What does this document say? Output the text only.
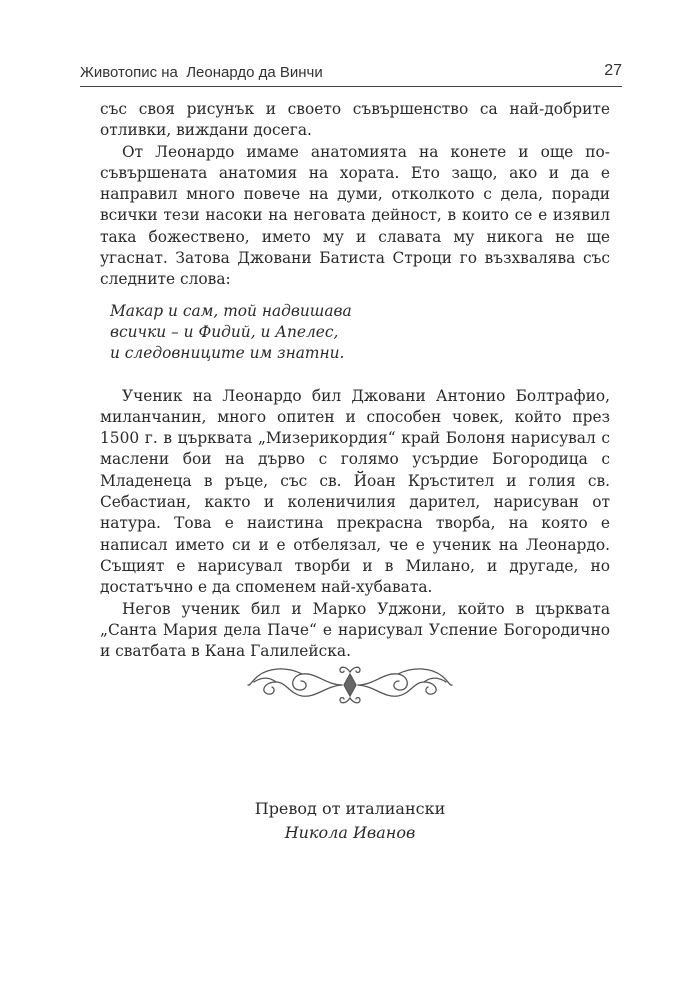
Животопис на  Леонардо да Винчи	27

със своя рисунък и своето съвършенство са най-добрите отливки, виждани досега.

От Леонардо имаме анатомията на конете и още по-съвършената анатомия на хората. Ето защо, ако и да е направил много повече на думи, отколкото с дела, поради всички тези насоки на неговата дейност, в които се е изявил така божествено, името му и славата му никога не ще угаснат. Затова Джовани Батиста Строци го възхвалява със следните слова:

Макар и сам, той надвишава
всички – и Фидий, и Апелес,
и следовниците им знатни.

Ученик на Леонардо бил Джовани Антонио Болтрафио, миланчанин, много опитен и способен човек, който през 1500 г. в църквата „Мизерикордия“ край Болоня нарисувал с маслени бои на дърво с голямо усърдие Богородица с Младенеца в ръце, със св. Йоан Кръстител и голия св. Себастиан, както и коленичилия дарител, нарисуван от натура. Това е наистина прекрасна творба, на която е написал името си и е отбелязал, че е ученик на Леонардо. Същият е нарисувал творби и в Милано, и другаде, но достатъчно е да споменем най-хубавата.

Негов ученик бил и Марко Уджони, който в църквата „Санта Мария дела Паче“ е нарисувал Успение Богородично и сватбата в Кана Галилейска.

Превод от италиански
Никола Иванов
